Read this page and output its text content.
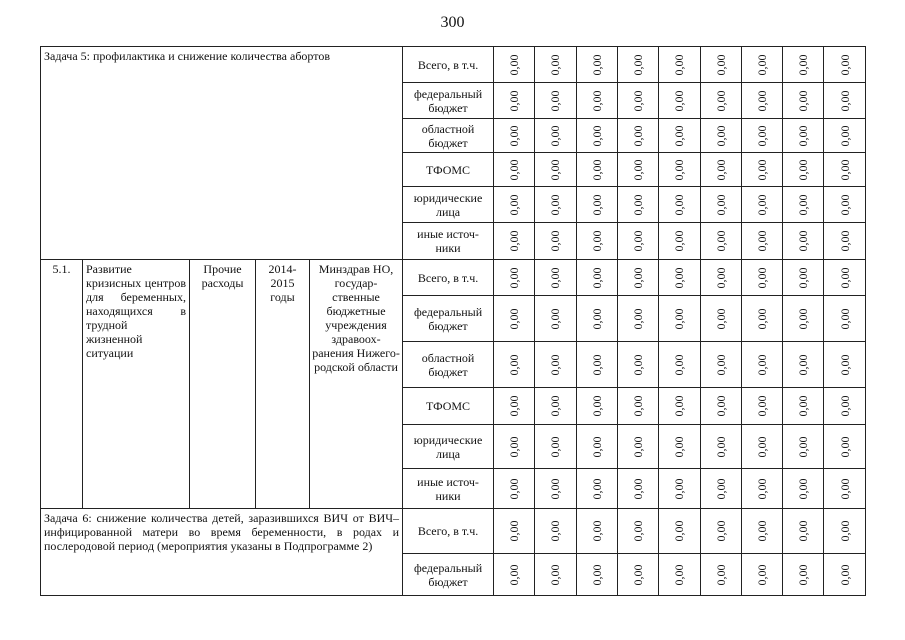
300
Задача 5: профилактика и снижение количества абортов					Всего, в т.ч.	0,00	0,00	0,00	0,00	0,00	0,00	0,00	0,00	0,00

					федеральный бюджет	0,00	0,00	0,00	0,00	0,00	0,00	0,00	0,00	0,00

					областной бюджет	0,00	0,00	0,00	0,00	0,00	0,00	0,00	0,00	0,00

					ТФОМС	0,00	0,00	0,00	0,00	0,00	0,00	0,00	0,00	0,00

					юридические лица	0,00	0,00	0,00	0,00	0,00	0,00	0,00	0,00	0,00

					иные источ-ники	0,00	0,00	0,00	0,00	0,00	0,00	0,00	0,00	0,00

5.1.	Развитие кризисных центров для беременных, находящихся в трудной жизненной ситуации	Прочие расходы	2014-2015 годы	Минздрав НО, государ-ственные бюджетные учреждения здравоох-ранения Нижего-родской области	Всего, в т.ч.	0,00	0,00	0,00	0,00	0,00	0,00	0,00	0,00	0,00

					федеральный бюджет	0,00	0,00	0,00	0,00	0,00	0,00	0,00	0,00	0,00

					областной бюджет	0,00	0,00	0,00	0,00	0,00	0,00	0,00	0,00	0,00

					ТФОМС	0,00	0,00	0,00	0,00	0,00	0,00	0,00	0,00	0,00

					юридические лица	0,00	0,00	0,00	0,00	0,00	0,00	0,00	0,00	0,00

					иные источ-ники	0,00	0,00	0,00	0,00	0,00	0,00	0,00	0,00	0,00

Задача 6: снижение количества детей, заразившихся ВИЧ от ВИЧ–инфицированной матери во время беременности, в родах и послеродовой период (мероприятия указаны в Подпрограмме 2)					Всего, в т.ч.	0,00	0,00	0,00	0,00	0,00	0,00	0,00	0,00	0,00

					федеральный бюджет	0,00	0,00	0,00	0,00	0,00	0,00	0,00	0,00	0,00
